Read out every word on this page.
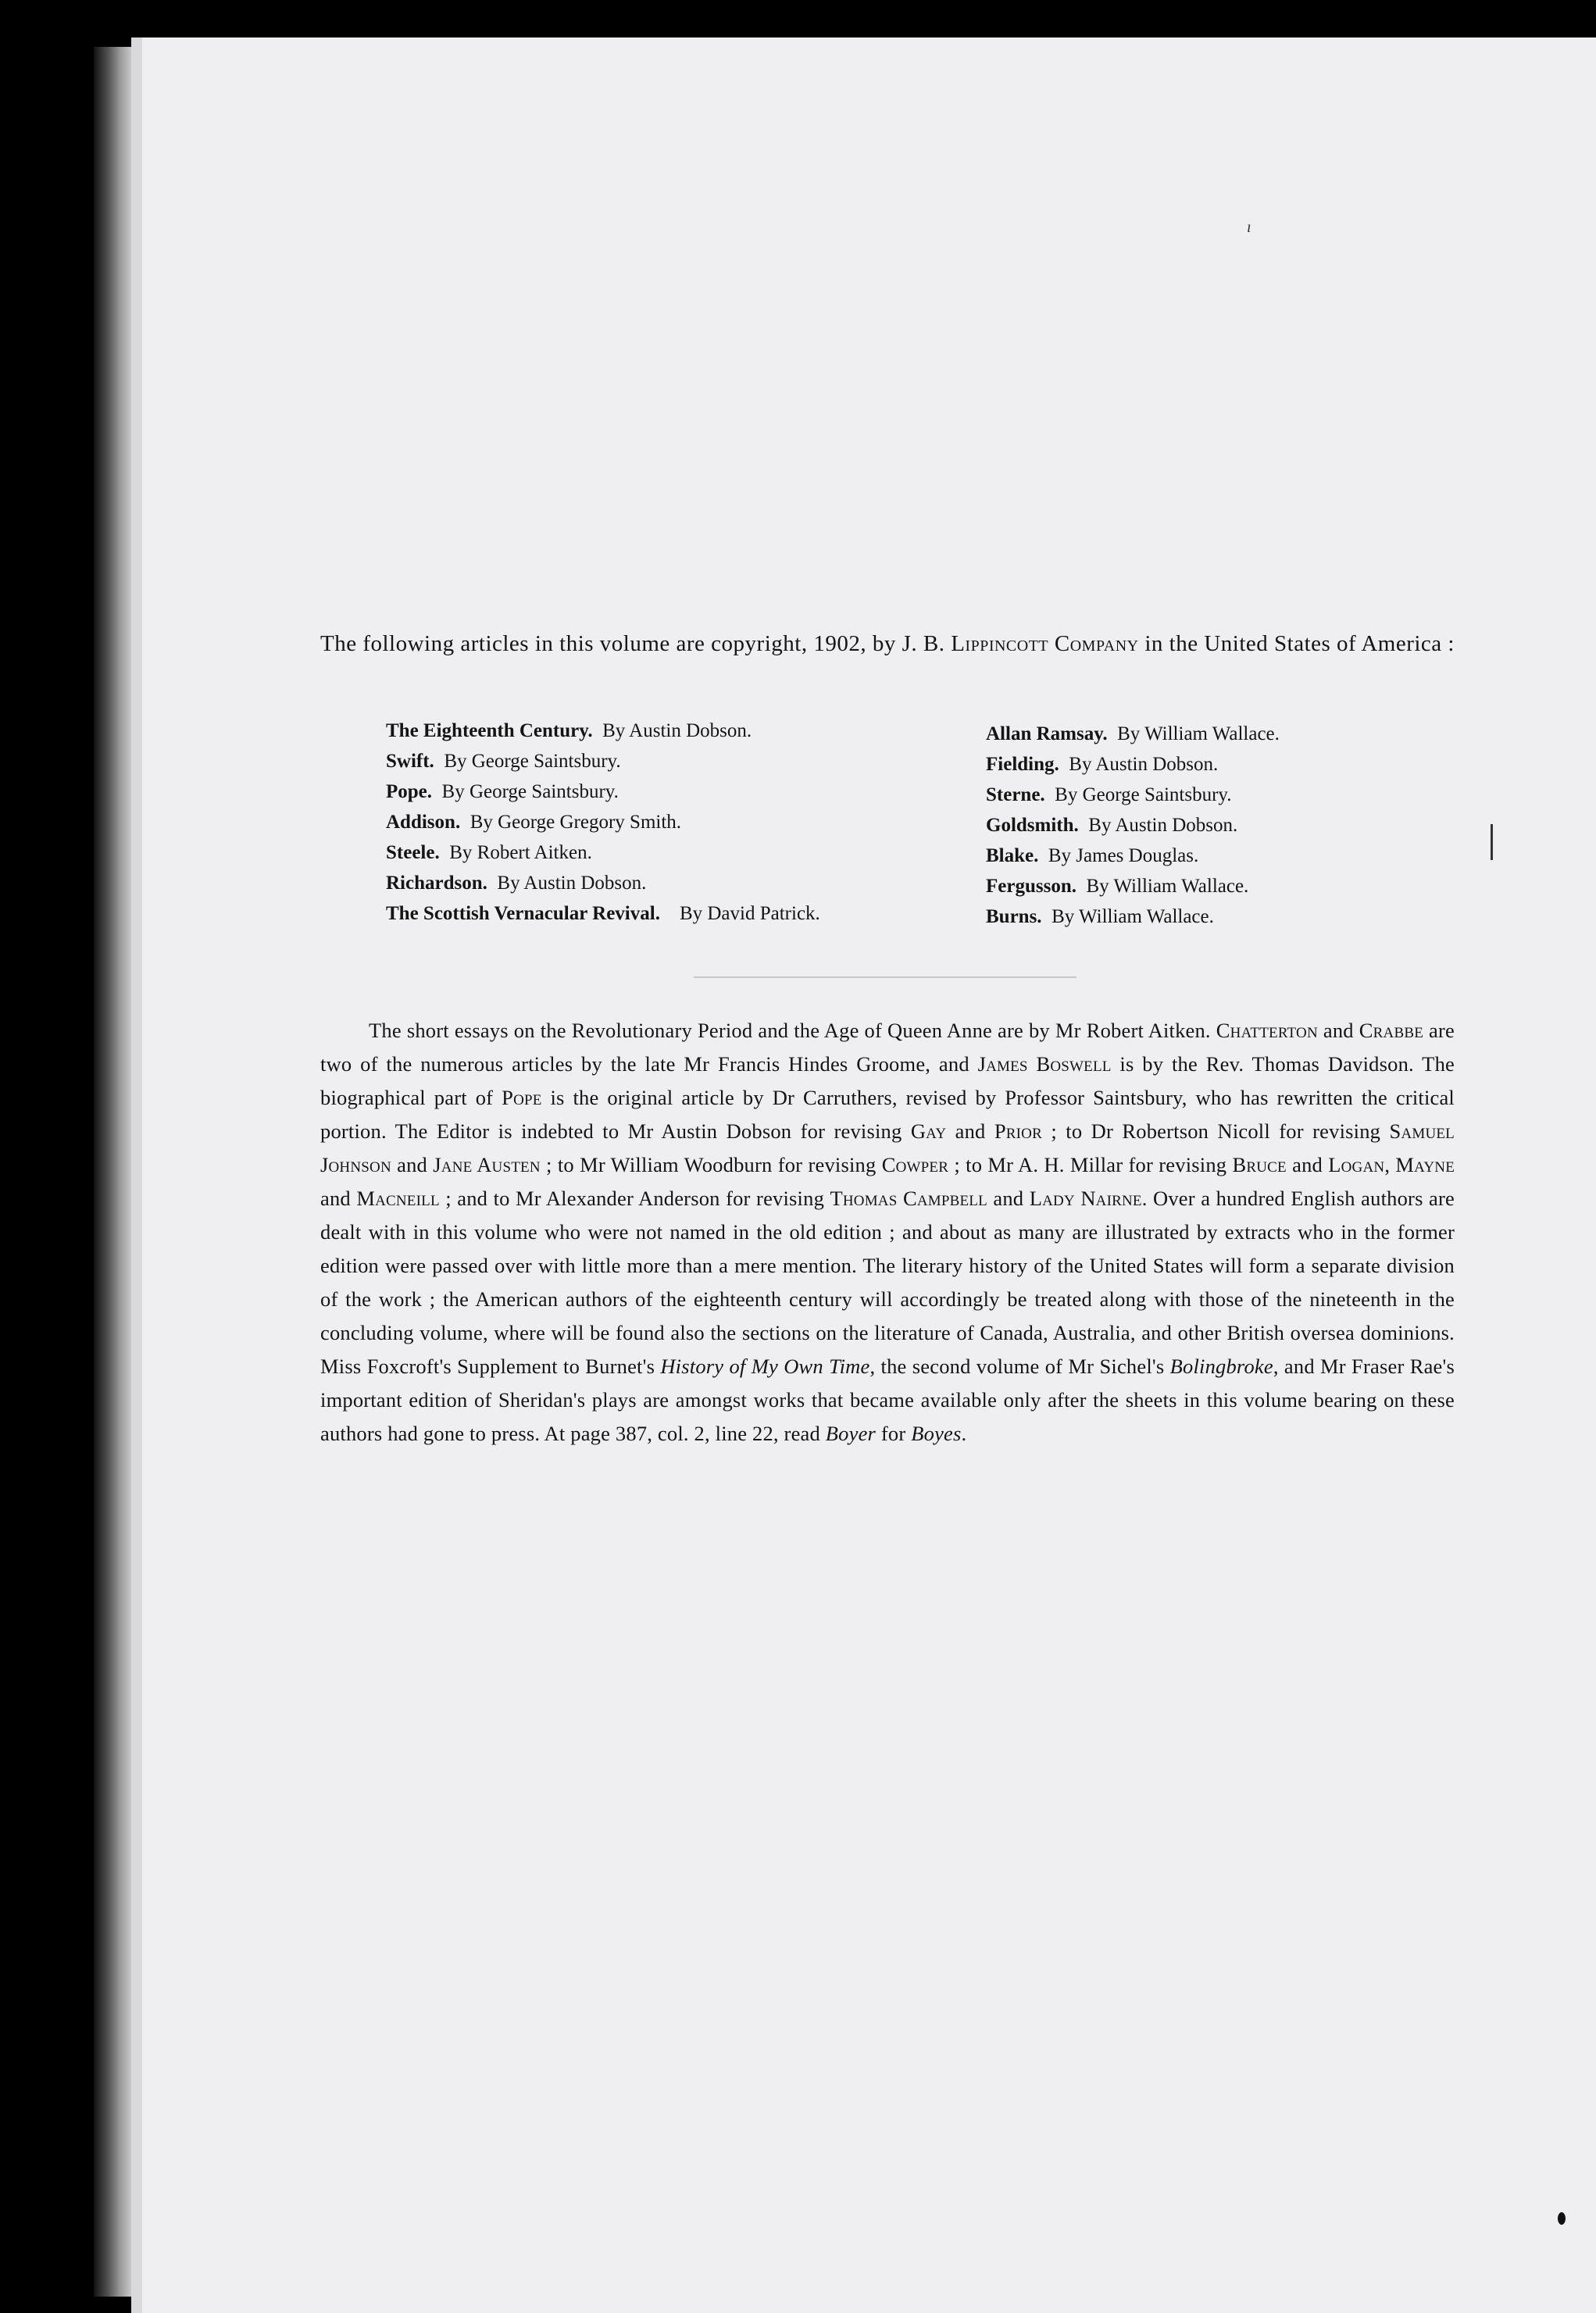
ı

The following articles in this volume are copyright, 1902, by J. B. Lippincott Company in the United States of America :

The Eighteenth Century. By Austin Dobson.
Swift. By George Saintsbury.
Pope. By George Saintsbury.
Addison. By George Gregory Smith.
Steele. By Robert Aitken.
Richardson. By Austin Dobson.
The Scottish Vernacular Revival. By David Patrick.
Allan Ramsay. By William Wallace.
Fielding. By Austin Dobson.
Sterne. By George Saintsbury.
Goldsmith. By Austin Dobson.
Blake. By James Douglas.
Fergusson. By William Wallace.
Burns. By William Wallace.

The short essays on the Revolutionary Period and the Age of Queen Anne are by Mr Robert Aitken. Chatterton and Crabbe are two of the numerous articles by the late Mr Francis Hindes Groome, and James Boswell is by the Rev. Thomas Davidson. The biographical part of Pope is the original article by Dr Carruthers, revised by Professor Saintsbury, who has rewritten the critical portion. The Editor is indebted to Mr Austin Dobson for revising Gay and Prior ; to Dr Robertson Nicoll for revising Samuel Johnson and Jane Austen ; to Mr William Woodburn for revising Cowper ; to Mr A. H. Millar for revising Bruce and Logan, Mayne and Macneill ; and to Mr Alexander Anderson for revising Thomas Campbell and Lady Nairne. Over a hundred English authors are dealt with in this volume who were not named in the old edition ; and about as many are illustrated by extracts who in the former edition were passed over with little more than a mere mention. The literary history of the United States will form a separate division of the work ; the American authors of the eighteenth century will accordingly be treated along with those of the nineteenth in the concluding volume, where will be found also the sections on the literature of Canada, Australia, and other British oversea dominions. Miss Foxcroft's Supplement to Burnet's History of My Own Time, the second volume of Mr Sichel's Bolingbroke, and Mr Fraser Rae's important edition of Sheridan's plays are amongst works that became available only after the sheets in this volume bearing on these authors had gone to press. At page 387, col. 2, line 22, read Boyer for Boyes.
